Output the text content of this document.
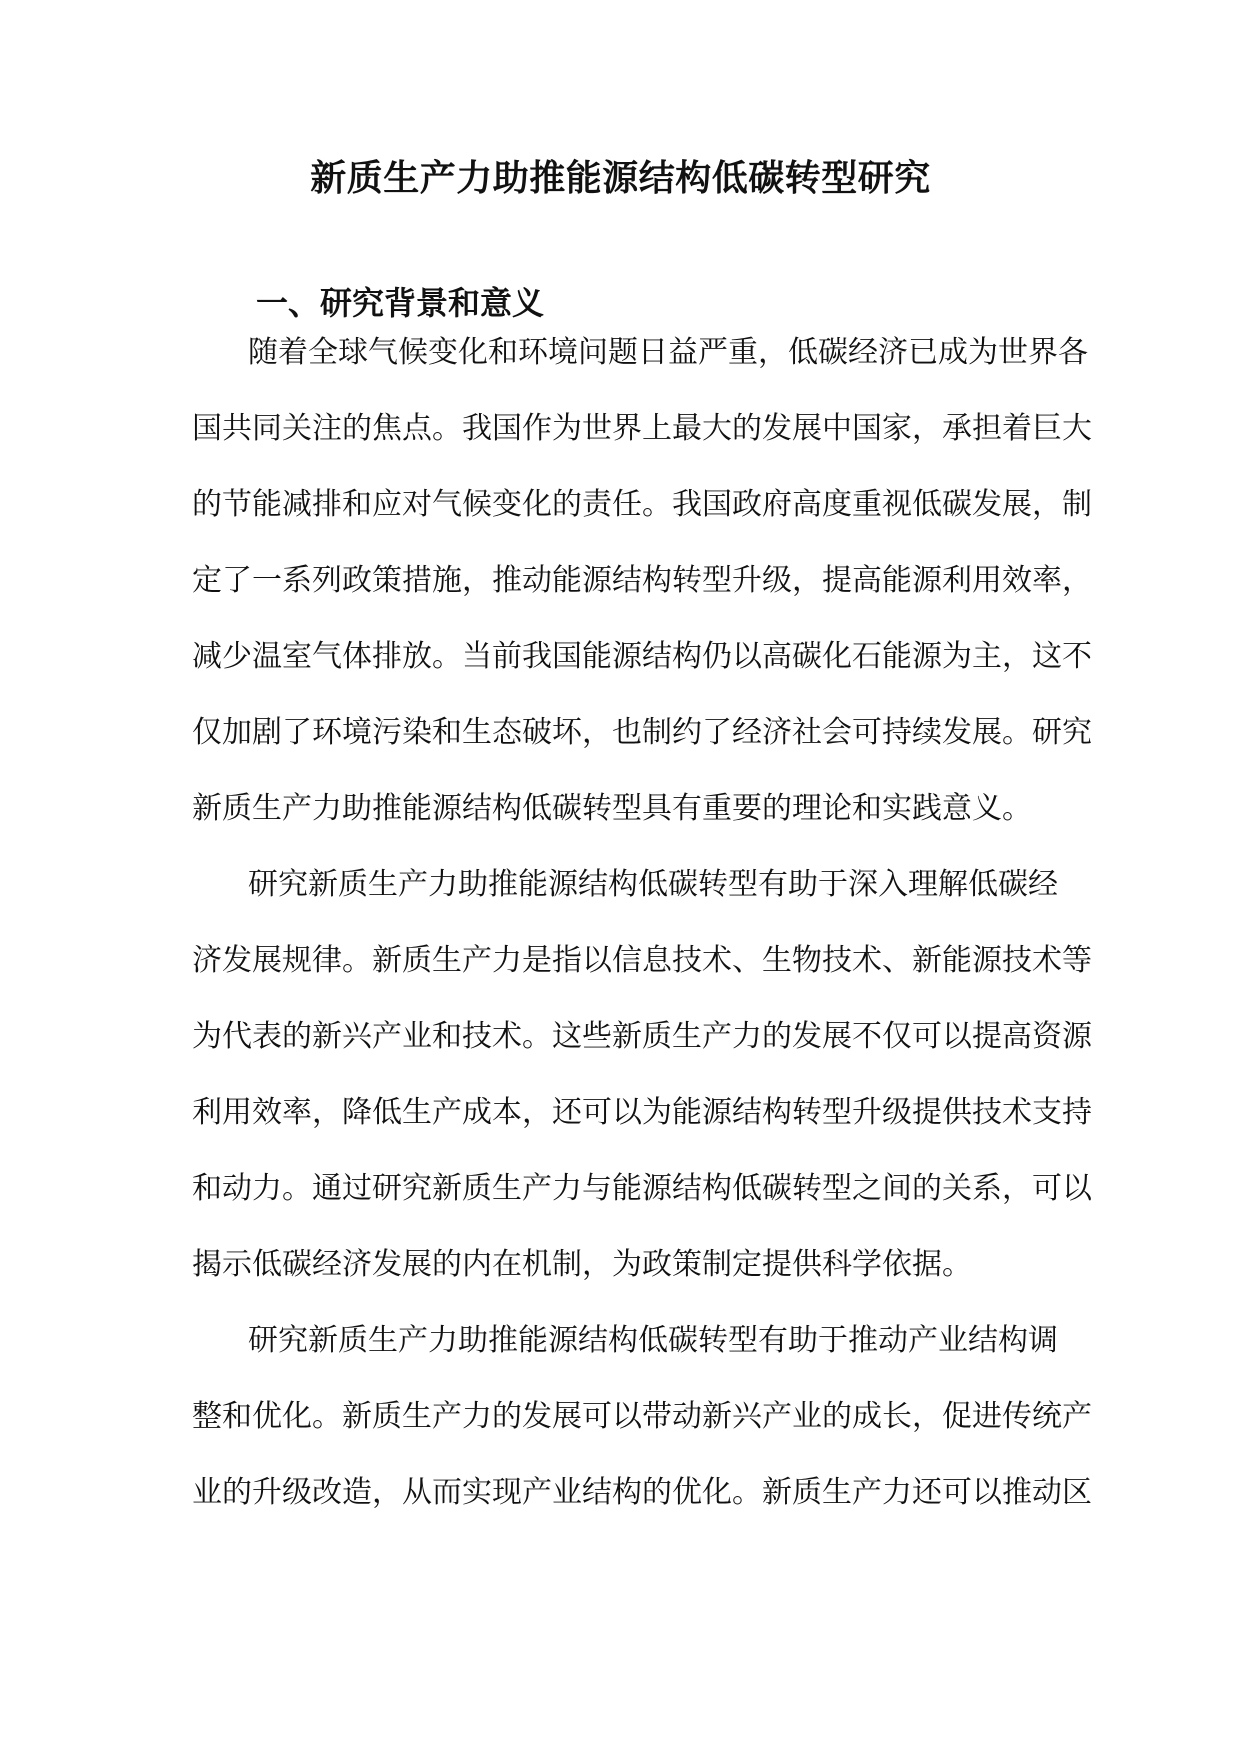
新质生产力助推能源结构低碳转型研究
一、研究背景和意义

随着全球气候变化和环境问题日益严重，低碳经济已成为世界各

国共同关注的焦点。我国作为世界上最大的发展中国家，承担着巨大

的节能减排和应对气候变化的责任。我国政府高度重视低碳发展，制

定了一系列政策措施，推动能源结构转型升级，提高能源利用效率，

减少温室气体排放。当前我国能源结构仍以高碳化石能源为主，这不

仅加剧了环境污染和生态破坏，也制约了经济社会可持续发展。研究

新质生产力助推能源结构低碳转型具有重要的理论和实践意义。

研究新质生产力助推能源结构低碳转型有助于深入理解低碳经

济发展规律。新质生产力是指以信息技术、生物技术、新能源技术等

为代表的新兴产业和技术。这些新质生产力的发展不仅可以提高资源

利用效率，降低生产成本，还可以为能源结构转型升级提供技术支持

和动力。通过研究新质生产力与能源结构低碳转型之间的关系，可以

揭示低碳经济发展的内在机制，为政策制定提供科学依据。

研究新质生产力助推能源结构低碳转型有助于推动产业结构调

整和优化。新质生产力的发展可以带动新兴产业的成长，促进传统产

业的升级改造，从而实现产业结构的优化。新质生产力还可以推动区
